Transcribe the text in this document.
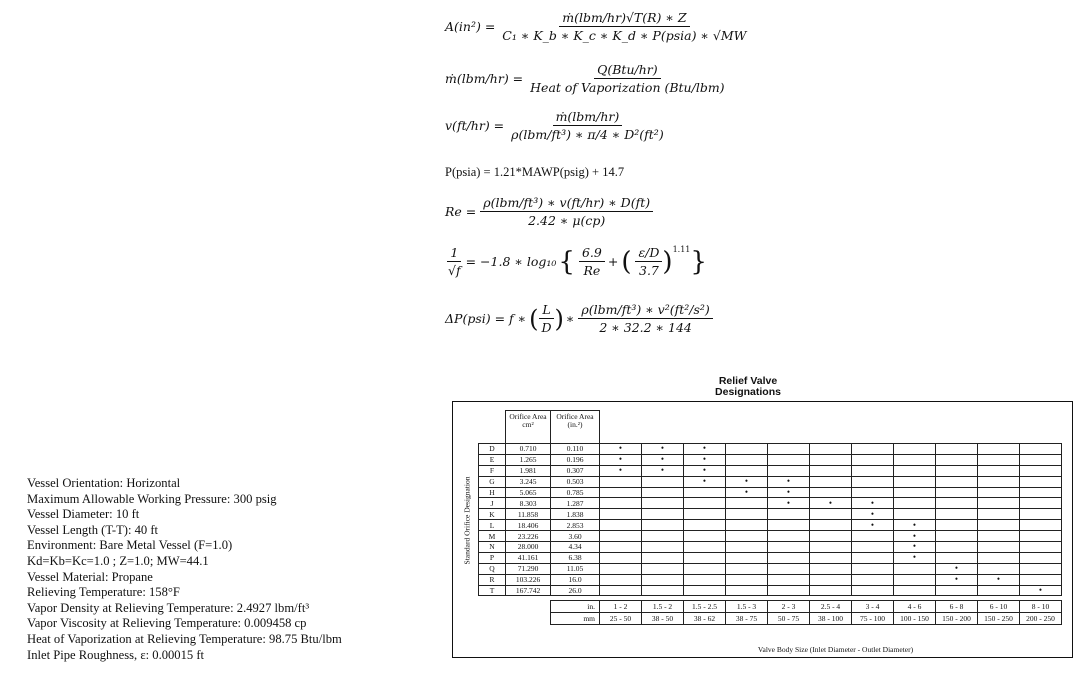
$A(in^2) = \frac{\text{ṁ(lbm/hr)√T(R) ∗ Z}}{\text{C₁ ∗ K\_b ∗ K\_c ∗ K\_d ∗ P(psia) ∗ √MW}}$
ṁ(lbm/hr) = $\frac{\text{Q(Btu/hr)}}{\text{Heat of Vaporization (Btu/lbm)}}$
$v(ft/hr) = \frac{\text{ṁ(lbm/hr)}}{\text{ρ(lbm/ft³) ∗ π/4 ∗ D²(ft²)}}$
P(psia) = 1.21*MAWP(psig) + 14.7
$Re = \frac{\text{ρ(lbm/ft³) ∗ v(ft/hr) ∗ D(ft)}}{2.42 ∗ \mu(cp)}$
$\frac{1}{√f} = -1.8$ ∗ log₁₀ { $\frac{6.9}{Re}$ + ( $\frac{\varepsilon/D}{3.7} )^{1.11}$ }
ΔP(psi) = f ∗ ( $\frac{L}{D}$ ) ∗ $\frac{\text{ρ(lbm/ft³) ∗ v²(ft²/s²)}}{2 ∗ 32.2 ∗ 144}$
Vessel Orientation: Horizontal
Maximum Allowable Working Pressure: 300 psig
Vessel Diameter: 10 ft
Vessel Length (T-T): 40 ft
Environment: Bare Metal Vessel (F=1.0)
Kd=Kb=Kc=1.0 ; Z=1.0; MW=44.1
Vessel Material: Propane
Relieving Temperature: 158°F
Vapor Density at Relieving Temperature: 2.4927 lbm/ft³
Vapor Viscosity at Relieving Temperature: 0.009458 cp
Heat of Vaporization at Relieving Temperature: 98.75 Btu/lbm
Inlet Pipe Roughness, ε: 0.00015 ft
Relief Valve Designations
Standard Orifice Designation
	Orifice Area cm²	Orifice Area (in.²)											
D	0.710	0.110	•	•	•								
E	1.265	0.196	•	•	•								
F	1.981	0.307	•	•	•								
G	3.245	0.503			•	•	•						
H	5.065	0.785				•	•						
J	8.303	1.287					•	•	•				
K	11.858	1.838							•				
L	18.406	2.853							•	•			
M	23.226	3.60								•			
N	28.000	4.34								•			
P	41.161	6.38								•			
Q	71.290	11.05									•		
R	103.226	16.0									•	•	
T	167.742	26.0											•

		in.	1 - 2	1.5 - 2	1.5 - 2.5	1.5 - 3	2 - 3	2.5 - 4	3 - 4	4 - 6	6 - 8	6 - 10	8 - 10
		mm	25 - 50	38 - 50	38 - 62	38 - 75	50 - 75	38 - 100	75 - 100	100 - 150	150 - 200	150 - 250	200 - 250
Valve Body Size (Inlet Diameter - Outlet Diameter)
